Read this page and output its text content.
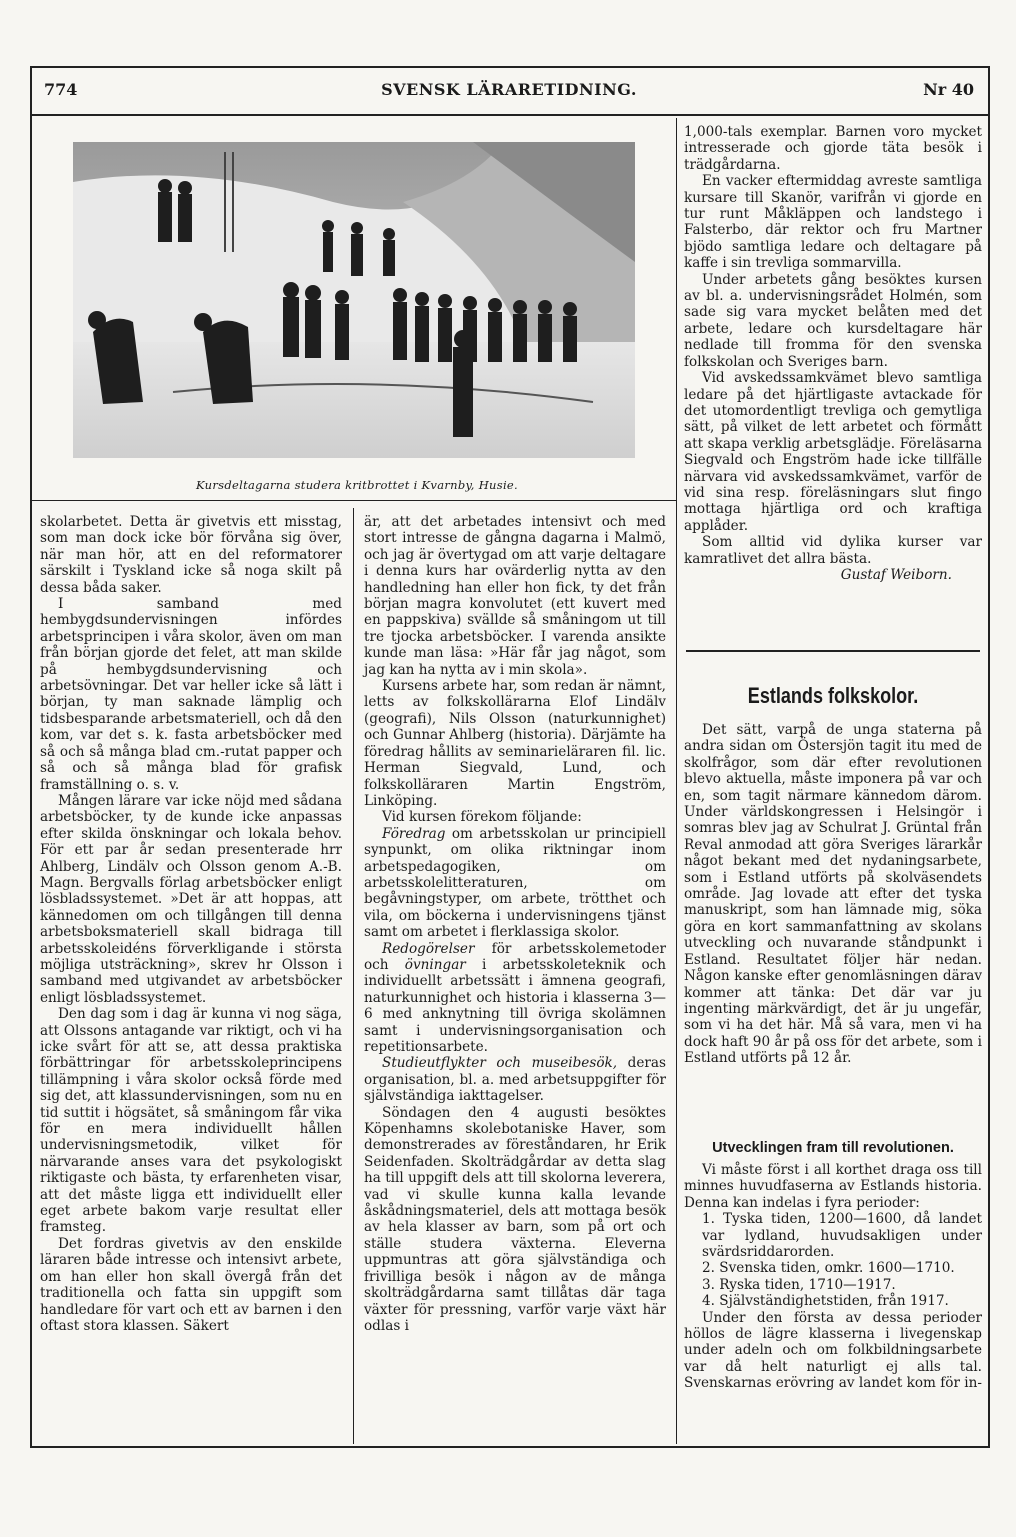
774	SVENSK LÄRARETIDNING.	Nr 40
Kursdeltagarna studera kritbrottet i Kvarnby, Husie.

skolarbetet. Detta är givetvis ett misstag, som man dock icke bör förvåna sig över, när man hör, att en del reformatorer särskilt i Tyskland icke så noga skilt på dessa båda saker.

I samband med hembygdsundervisningen infördes arbetsprincipen i våra skolor, även om man från början gjorde det felet, att man skilde på hembygdsundervisning och arbetsövningar. Det var heller icke så lätt i början, ty man saknade lämplig och tidsbesparande arbetsmateriell, och då den kom, var det s. k. fasta arbetsböcker med så och så många blad cm.-rutat papper och så och så många blad för grafisk framställning o. s. v.

Mången lärare var icke nöjd med sådana arbetsböcker, ty de kunde icke anpassas efter skilda önskningar och lokala behov. För ett par år sedan presenterade hrr Ahlberg, Lindälv och Olsson genom A.-B. Magn. Bergvalls förlag arbetsböcker enligt lösbladssystemet. »Det är att hoppas, att kännedomen om och tillgången till denna arbetsboksmateriell skall bidraga till arbetsskoleidéns förverkligande i största möjliga utsträckning», skrev hr Olsson i samband med utgivandet av arbetsböcker enligt lösbladssystemet.

Den dag som i dag är kunna vi nog säga, att Olssons antagande var riktigt, och vi ha icke svårt för att se, att dessa praktiska förbättringar för arbetsskoleprincipens tillämpning i våra skolor också förde med sig det, att klassundervisningen, som nu en tid suttit i högsätet, så småningom får vika för en mera individuellt hållen undervisningsmetodik, vilket för närvarande anses vara det psykologiskt riktigaste och bästa, ty erfarenheten visar, att det måste ligga ett individuellt eller eget arbete bakom varje resultat eller framsteg.

Det fordras givetvis av den enskilde läraren både intresse och intensivt arbete, om han eller hon skall övergå från det traditionella och fatta sin uppgift som handledare för vart och ett av barnen i den oftast stora klassen. Säkert

är, att det arbetades intensivt och med stort intresse de gångna dagarna i Malmö, och jag är övertygad om att varje deltagare i denna kurs har ovärderlig nytta av den handledning han eller hon fick, ty det från början magra konvolutet (ett kuvert med en pappskiva) svällde så småningom ut till tre tjocka arbetsböcker. I varenda ansikte kunde man läsa: »Här får jag något, som jag kan ha nytta av i min skola».

Kursens arbete har, som redan är nämnt, letts av folkskollärarna Elof Lindälv (geografi), Nils Olsson (naturkunnighet) och Gunnar Ahlberg (historia). Därjämte ha föredrag hållits av seminarieläraren fil. lic. Herman Siegvald, Lund, och folkskolläraren Martin Engström, Linköping.

Vid kursen förekom följande:

Föredrag om arbetsskolan ur principiell synpunkt, om olika riktningar inom arbetspedagogiken, om arbetsskolelitteraturen, om begåvningstyper, om arbete, trötthet och vila, om böckerna i undervisningens tjänst samt om arbetet i flerklassiga skolor.

Redogörelser för arbetsskolemetoder och övningar i arbetsskoleteknik och individuellt arbetssätt i ämnena geografi, naturkunnighet och historia i klasserna 3—6 med anknytning till övriga skolämnen samt i undervisningsorganisation och repetitionsarbete.

Studieutflykter och museibesök, deras organisation, bl. a. med arbetsuppgifter för självständiga iakttagelser.

Söndagen den 4 augusti besöktes Köpenhamns skolebotaniske Haver, som demonstrerades av föreståndaren, hr Erik Seidenfaden. Skolträdgårdar av detta slag ha till uppgift dels att till skolorna leverera, vad vi skulle kunna kalla levande åskådningsmateriel, dels att mottaga besök av hela klasser av barn, som på ort och ställe studera växterna. Eleverna uppmuntras att göra självständiga och frivilliga besök i någon av de många skolträdgårdarna samt tillåtas där taga växter för pressning, varför varje växt här odlas i

1,000-tals exemplar. Barnen voro mycket intresserade och gjorde täta besök i trädgårdarna.

En vacker eftermiddag avreste samtliga kursare till Skanör, varifrån vi gjorde en tur runt Måkläppen och landstego i Falsterbo, där rektor och fru Martner bjödo samtliga ledare och deltagare på kaffe i sin trevliga sommarvilla.

Under arbetets gång besöktes kursen av bl. a. undervisningsrådet Holmén, som sade sig vara mycket belåten med det arbete, ledare och kursdeltagare här nedlade till fromma för den svenska folkskolan och Sveriges barn.

Vid avskedssamkvämet blevo samtliga ledare på det hjärtligaste avtackade för det utomordentligt trevliga och gemytliga sätt, på vilket de lett arbetet och förmått att skapa verklig arbetsglädje. Föreläsarna Siegvald och Engström hade icke tillfälle närvara vid avskedssamkvämet, varför de vid sina resp. föreläsningars slut fingo mottaga hjärtliga ord och kraftiga applåder.

Som alltid vid dylika kurser var kamratlivet det allra bästa.

Gustaf Weiborn.

Estlands folkskolor.

Det sätt, varpå de unga staterna på andra sidan om Östersjön tagit itu med de skolfrågor, som där efter revolutionen blevo aktuella, måste imponera på var och en, som tagit närmare kännedom därom. Under världskongressen i Helsingör i somras blev jag av Schulrat J. Grüntal från Reval anmodad att göra Sveriges lärarkår något bekant med det nydaningsarbete, som i Estland utförts på skolväsendets område. Jag lovade att efter det tyska manuskript, som han lämnade mig, söka göra en kort sammanfattning av skolans utveckling och nuvarande ståndpunkt i Estland. Resultatet följer här nedan. Någon kanske efter genomläsningen därav kommer att tänka: Det där var ju ingenting märkvärdigt, det är ju ungefär, som vi ha det här. Må så vara, men vi ha dock haft 90 år på oss för det arbete, som i Estland utförts på 12 år.

Utvecklingen fram till revolutionen.

Vi måste först i all korthet draga oss till minnes huvudfaserna av Estlands historia. Denna kan indelas i fyra perioder:

1. Tyska tiden, 1200—1600, då landet var lydland, huvudsakligen under svärdsriddarorden.

2. Svenska tiden, omkr. 1600—1710.

3. Ryska tiden, 1710—1917.

4. Självständighetstiden, från 1917.

Under den första av dessa perioder höllos de lägre klasserna i livegenskap under adeln och om folkbildningsarbete var då helt naturligt ej alls tal. Svenskarnas erövring av landet kom för in-
